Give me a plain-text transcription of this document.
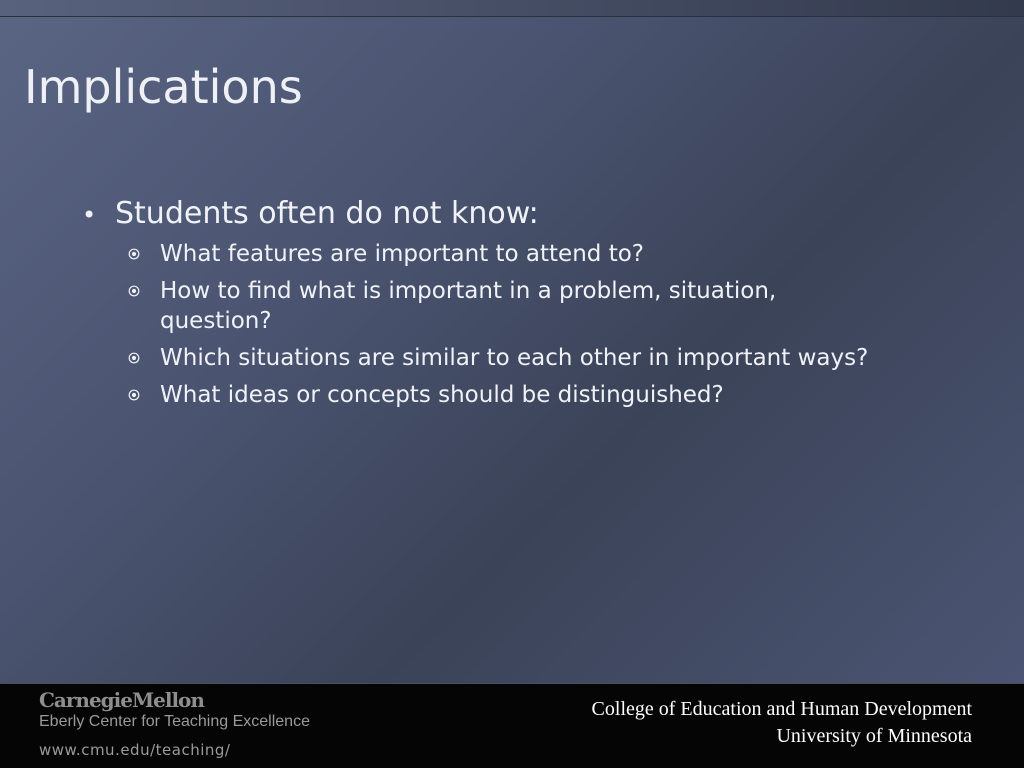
Implications
• Students often do not know:
What features are important to attend to?
How to find what is important in a problem, situation, question?
Which situations are similar to each other in important ways?
What ideas or concepts should be distinguished?
CarnegieMellon
Eberly Center for Teaching Excellence
www.cmu.edu/teaching/
College of Education and Human Development
University of Minnesota
